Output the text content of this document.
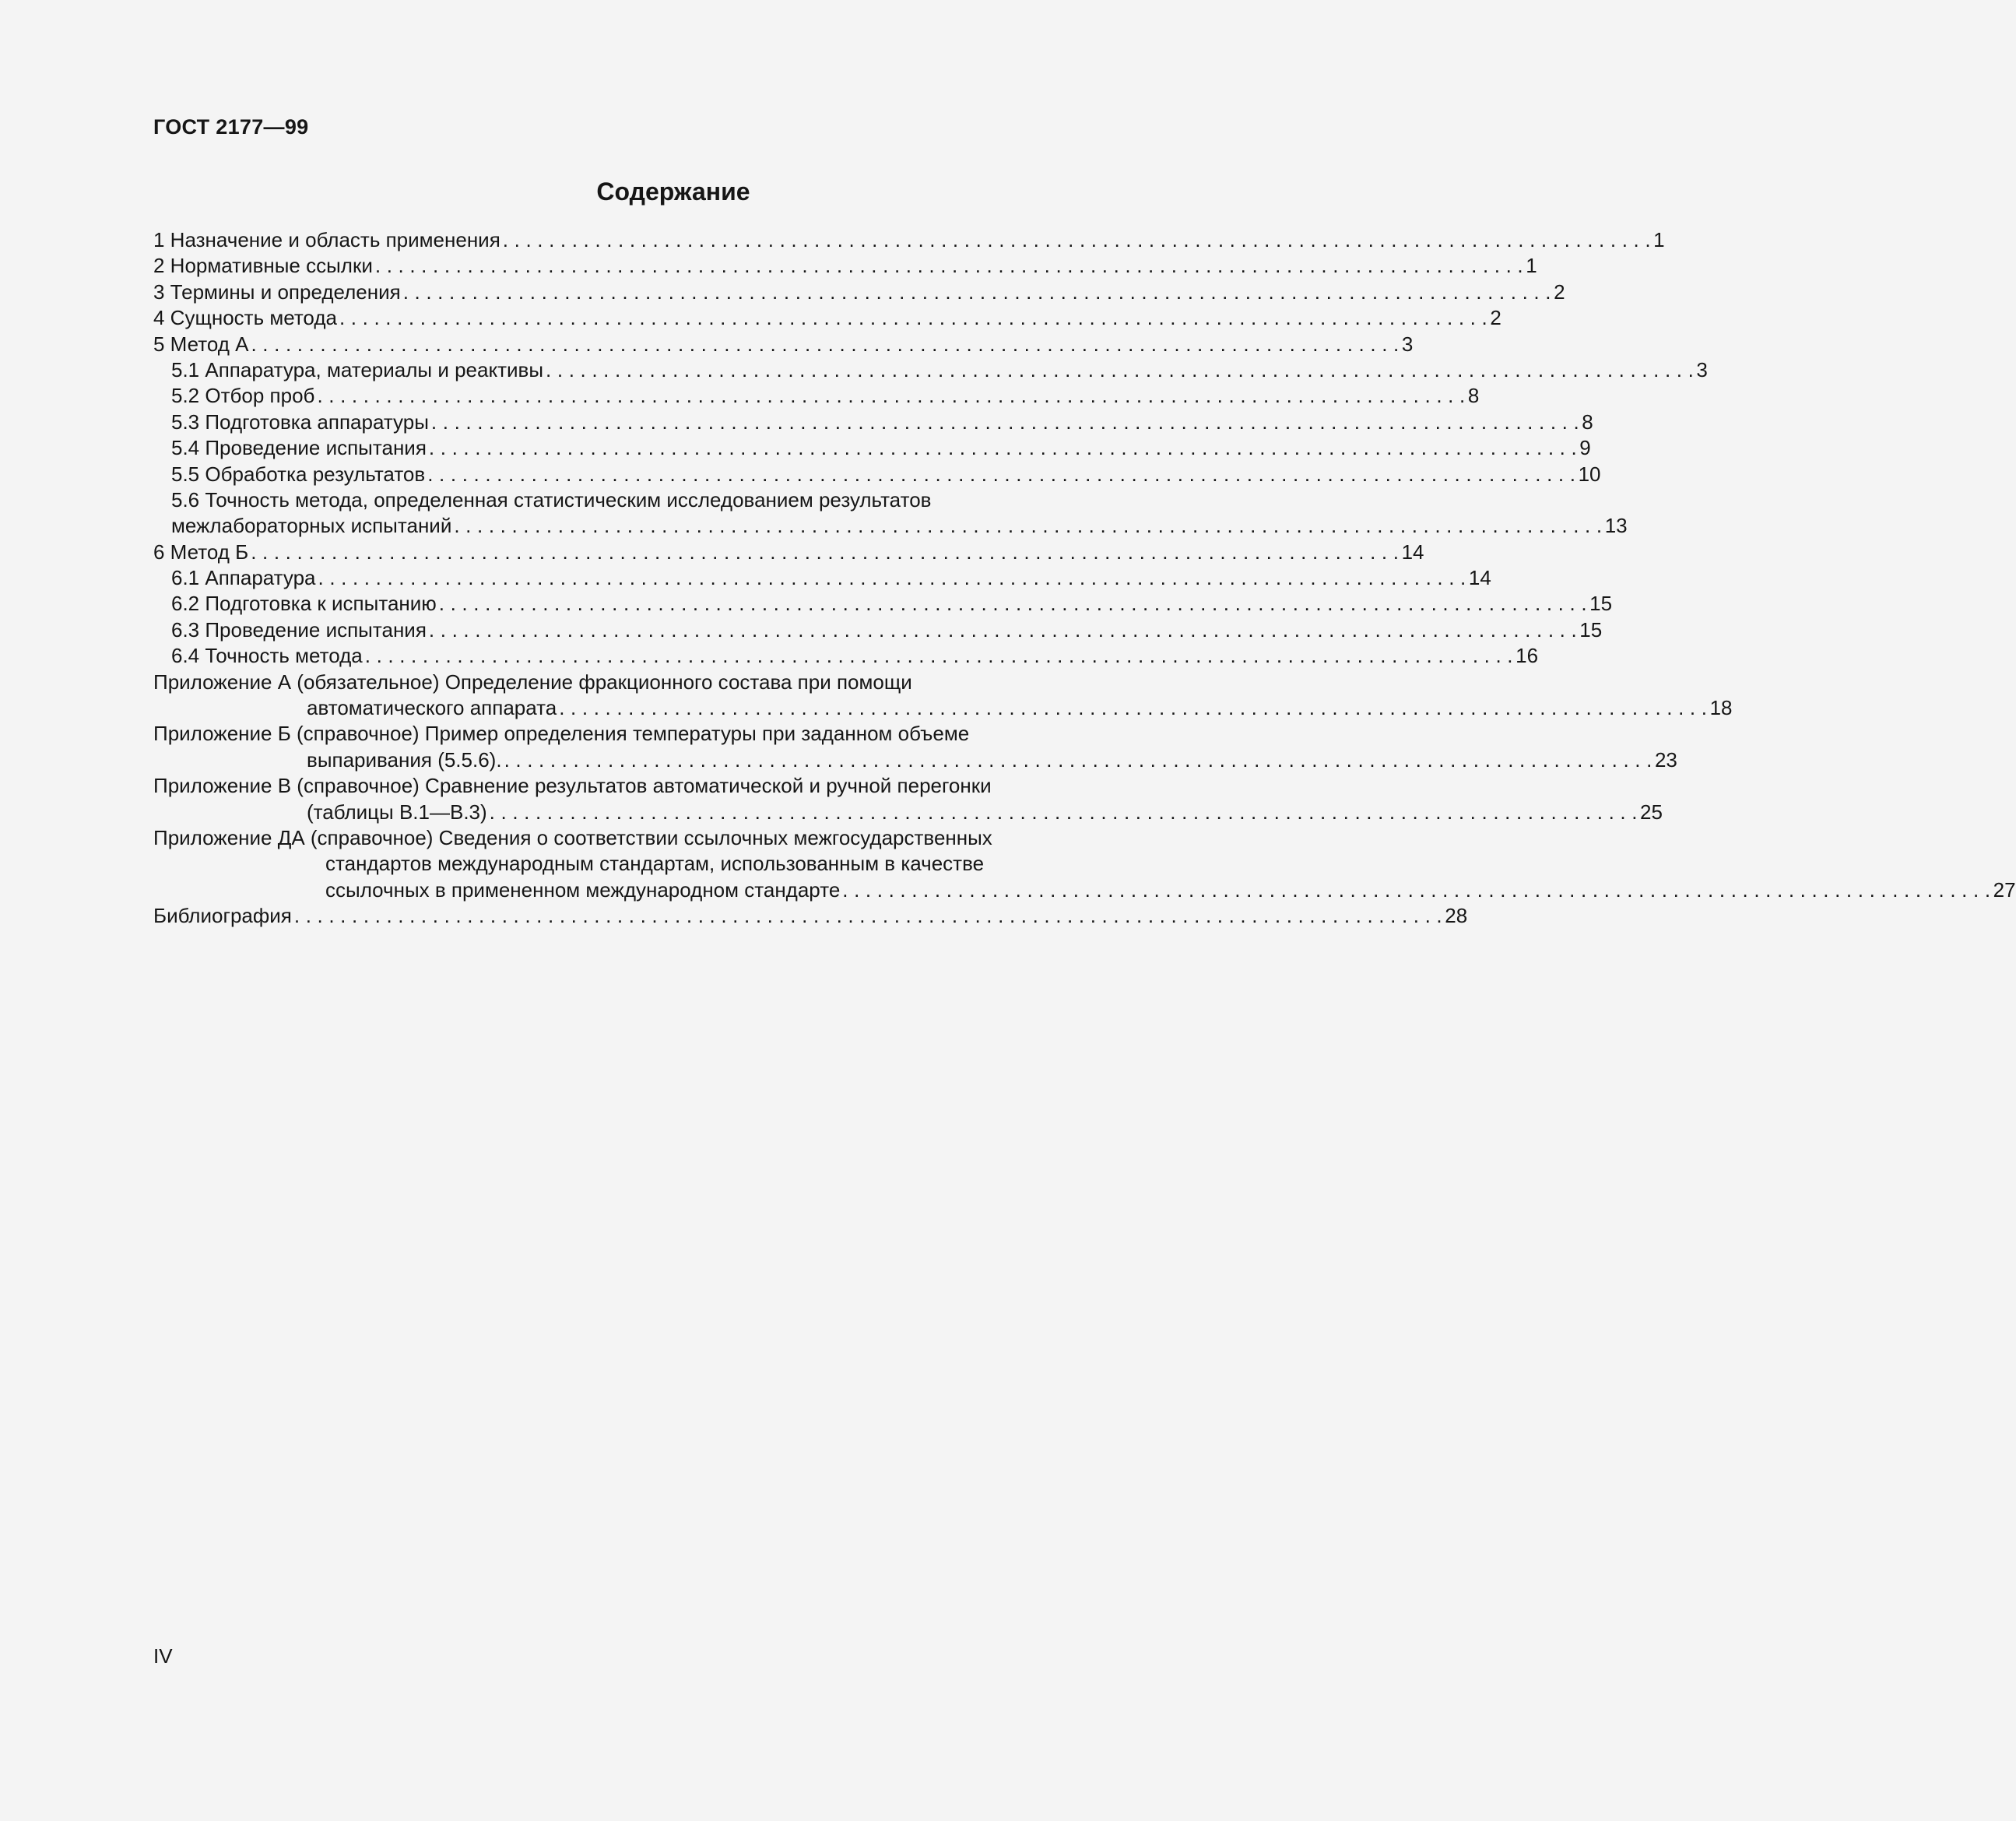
ГОСТ 2177—99
Содержание
1 Назначение и область применения ....................................................................................................
1
2 Нормативные ссылки ....................................................................................................
1
3 Термины и определения ....................................................................................................
2
4 Сущность метода ....................................................................................................
2
5 Метод А ....................................................................................................
3
5.1 Аппаратура, материалы и реактивы ....................................................................................................
3
5.2 Отбор проб ....................................................................................................
8
5.3 Подготовка аппаратуры ....................................................................................................
8
5.4 Проведение испытания ....................................................................................................
9
5.5 Обработка результатов ....................................................................................................
10
5.6 Точность метода, определенная статистическим исследованием результатов
межлабораторных испытаний ....................................................................................................
13
6 Метод Б ....................................................................................................
14
6.1 Аппаратура ....................................................................................................
14
6.2 Подготовка к испытанию ....................................................................................................
15
6.3 Проведение испытания ....................................................................................................
15
6.4 Точность метода ....................................................................................................
16
Приложение А (обязательное) Определение фракционного состава при помощи
автоматического аппарата ....................................................................................................
18
Приложение Б (справочное) Пример определения температуры при заданном объеме
выпаривания (5.5.6). ....................................................................................................
23
Приложение В (справочное) Сравнение результатов автоматической и ручной перегонки
(таблицы В.1—В.3) ....................................................................................................
25
Приложение ДА (справочное) Сведения о соответствии ссылочных межгосударственных
стандартов международным стандартам, использованным в качестве
ссылочных в примененном международном стандарте ....................................................................................................
27
Библиография ....................................................................................................
28
IV
